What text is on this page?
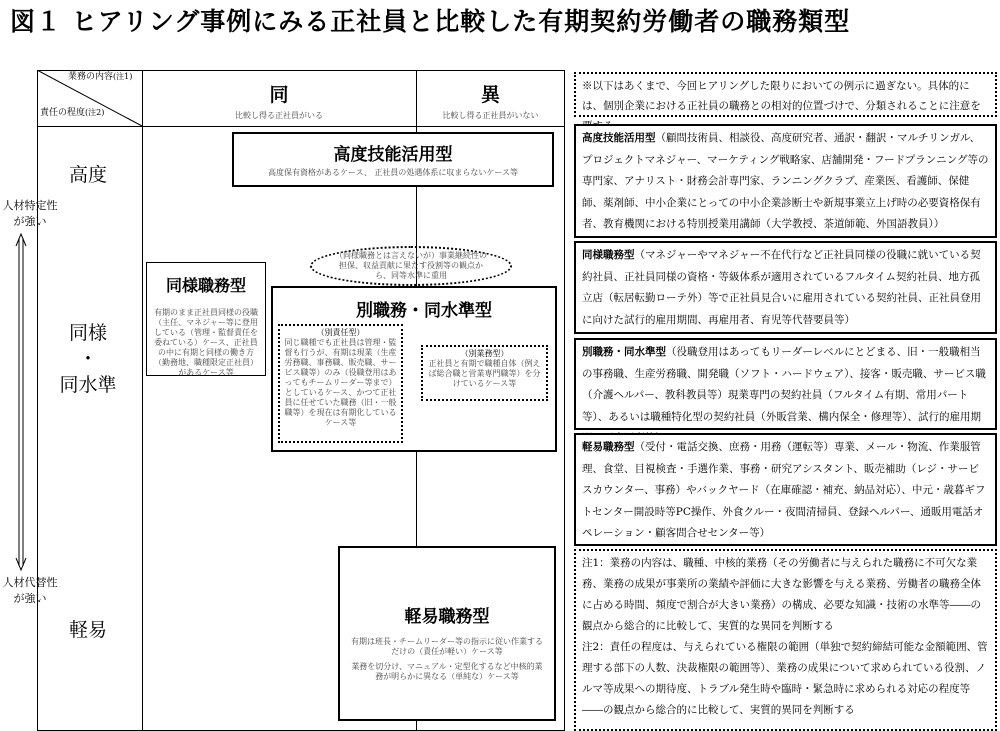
図１ ヒアリング事例にみる正社員と比較した有期契約労働者の職務類型
業務の内容(注1)
責任の程度(注2)
同
比較し得る正社員がいる
異
比較し得る正社員がいない
高度
同様
・
同水準
軽易
人材特定性
が強い
人材代替性
が強い
高度技能活用型
高度保有資格があるケース、 正社員の処遇体系に収まらないケース等
（同様職務とは言えないが）事業継続性の担保、収益貢献に果たす役割等の観点から、同等水準に重用
同様職務型
有期のまま正社員同様の役職（主任、マネジャー等に登用している（管理・監督責任を委ねている）ケース、正社員の中に有期と同様の働き方（勤務地、職種限定正社員）があるケース等
別職務・同水準型
（別責任型）
同じ職種でも正社員は管理・監督も行うが、有期は現業（生産労務職、事務職、販売職、サービス職等）のみ（役職登用はあってもチームリーダー等まで）としているケース、かつて正社員に任せていた職務（旧・一般職等）を現在は有期化しているケース等
（別業務型）
正社員と有期で職種自体（例えば総合職と営業専門職等）を分けているケース等
軽易職務型
有期は班長・チームリーダー等の指示に従い作業するだけの（責任が軽い）ケース等
業務を切分け、マニュアル・定型化するなど中核的業務が明らかに異なる（単純な）ケース等
※以下はあくまで、今回ヒアリングした限りにおいての例示に過ぎない。具体的には、個別企業における正社員の職務との相対的位置づけで、分類されることに注意を
高度技能活用型（顧問技術員、相談役、高度研究者、通訳・翻訳・マルチリンガル、プロジェクトマネジャー、マーケティング戦略家、店舗開発・フードプランニング等の専門家、アナリスト・財務会計専門家、ランニングクラブ、産業医、看護師、保健師、薬剤師、中小企業にとっての中小企業診断士や新規事業立上げ時の必要資格保有者、教育機関における特別授業用講師（大学教授、茶道師範、外国語教員））
同様職務型（マネジャーやマネジャー不在代行など正社員同様の役職に就いている契約社員、正社員同様の資格・等級体系が適用されているフルタイム契約社員、地方孤立店（転居転勤ローテ外）等で正社員見合いに雇用されている契約社員、正社員登用に向けた試行的雇用期間、再雇用者、育児等代替要員等）
別職務・同水準型（役職登用はあってもリーダーレベルにとどまる、旧・一般職相当の事務職、生産労務職、開発職（ソフト・ハードウェア）、接客・販売職、サービス職（介護ヘルパー、教科教員等）現業専門の契約社員（フルタイム有期、常用パート等）、あるいは職種特化型の契約社員（外販営業、構内保全・修理等）、試行的雇用期
軽易職務型（受付・電話交換、庶務・用務（運転等）専業、メール・物流、作業服管理、食堂、目視検査・手選作業、事務・研究アシスタント、販売補助（レジ・サービスカウンター、事務）やバックヤード（在庫確認・補充、納品対応）、中元・歳暮ギフトセンター開設時等PC操作、外食クルー・夜間清掃員、登録ヘルパー、通販用電話オペレーション・顧客問合せセンター等）
注1：業務の内容は、職種、中核的業務（その労働者に与えられた職務に不可欠な業務、業務の成果が事業所の業績や評価に大きな影響を与える業務、労働者の職務全体に占める時間、頻度で割合が大きい業務）の構成、必要な知識・技術の水準等――の観点から総合的に比較して、実質的な異同を判断する
注2：責任の程度は、与えられている権限の範囲（単独で契約締結可能な金額範囲、管理する部下の人数、決裁権限の範囲等）、業務の成果について求められている役割、ノルマ等成果への期待度、トラブル発生時や臨時・緊急時に求められる対応の程度等――の観点から総合的に比較して、実質的異同を判断する
